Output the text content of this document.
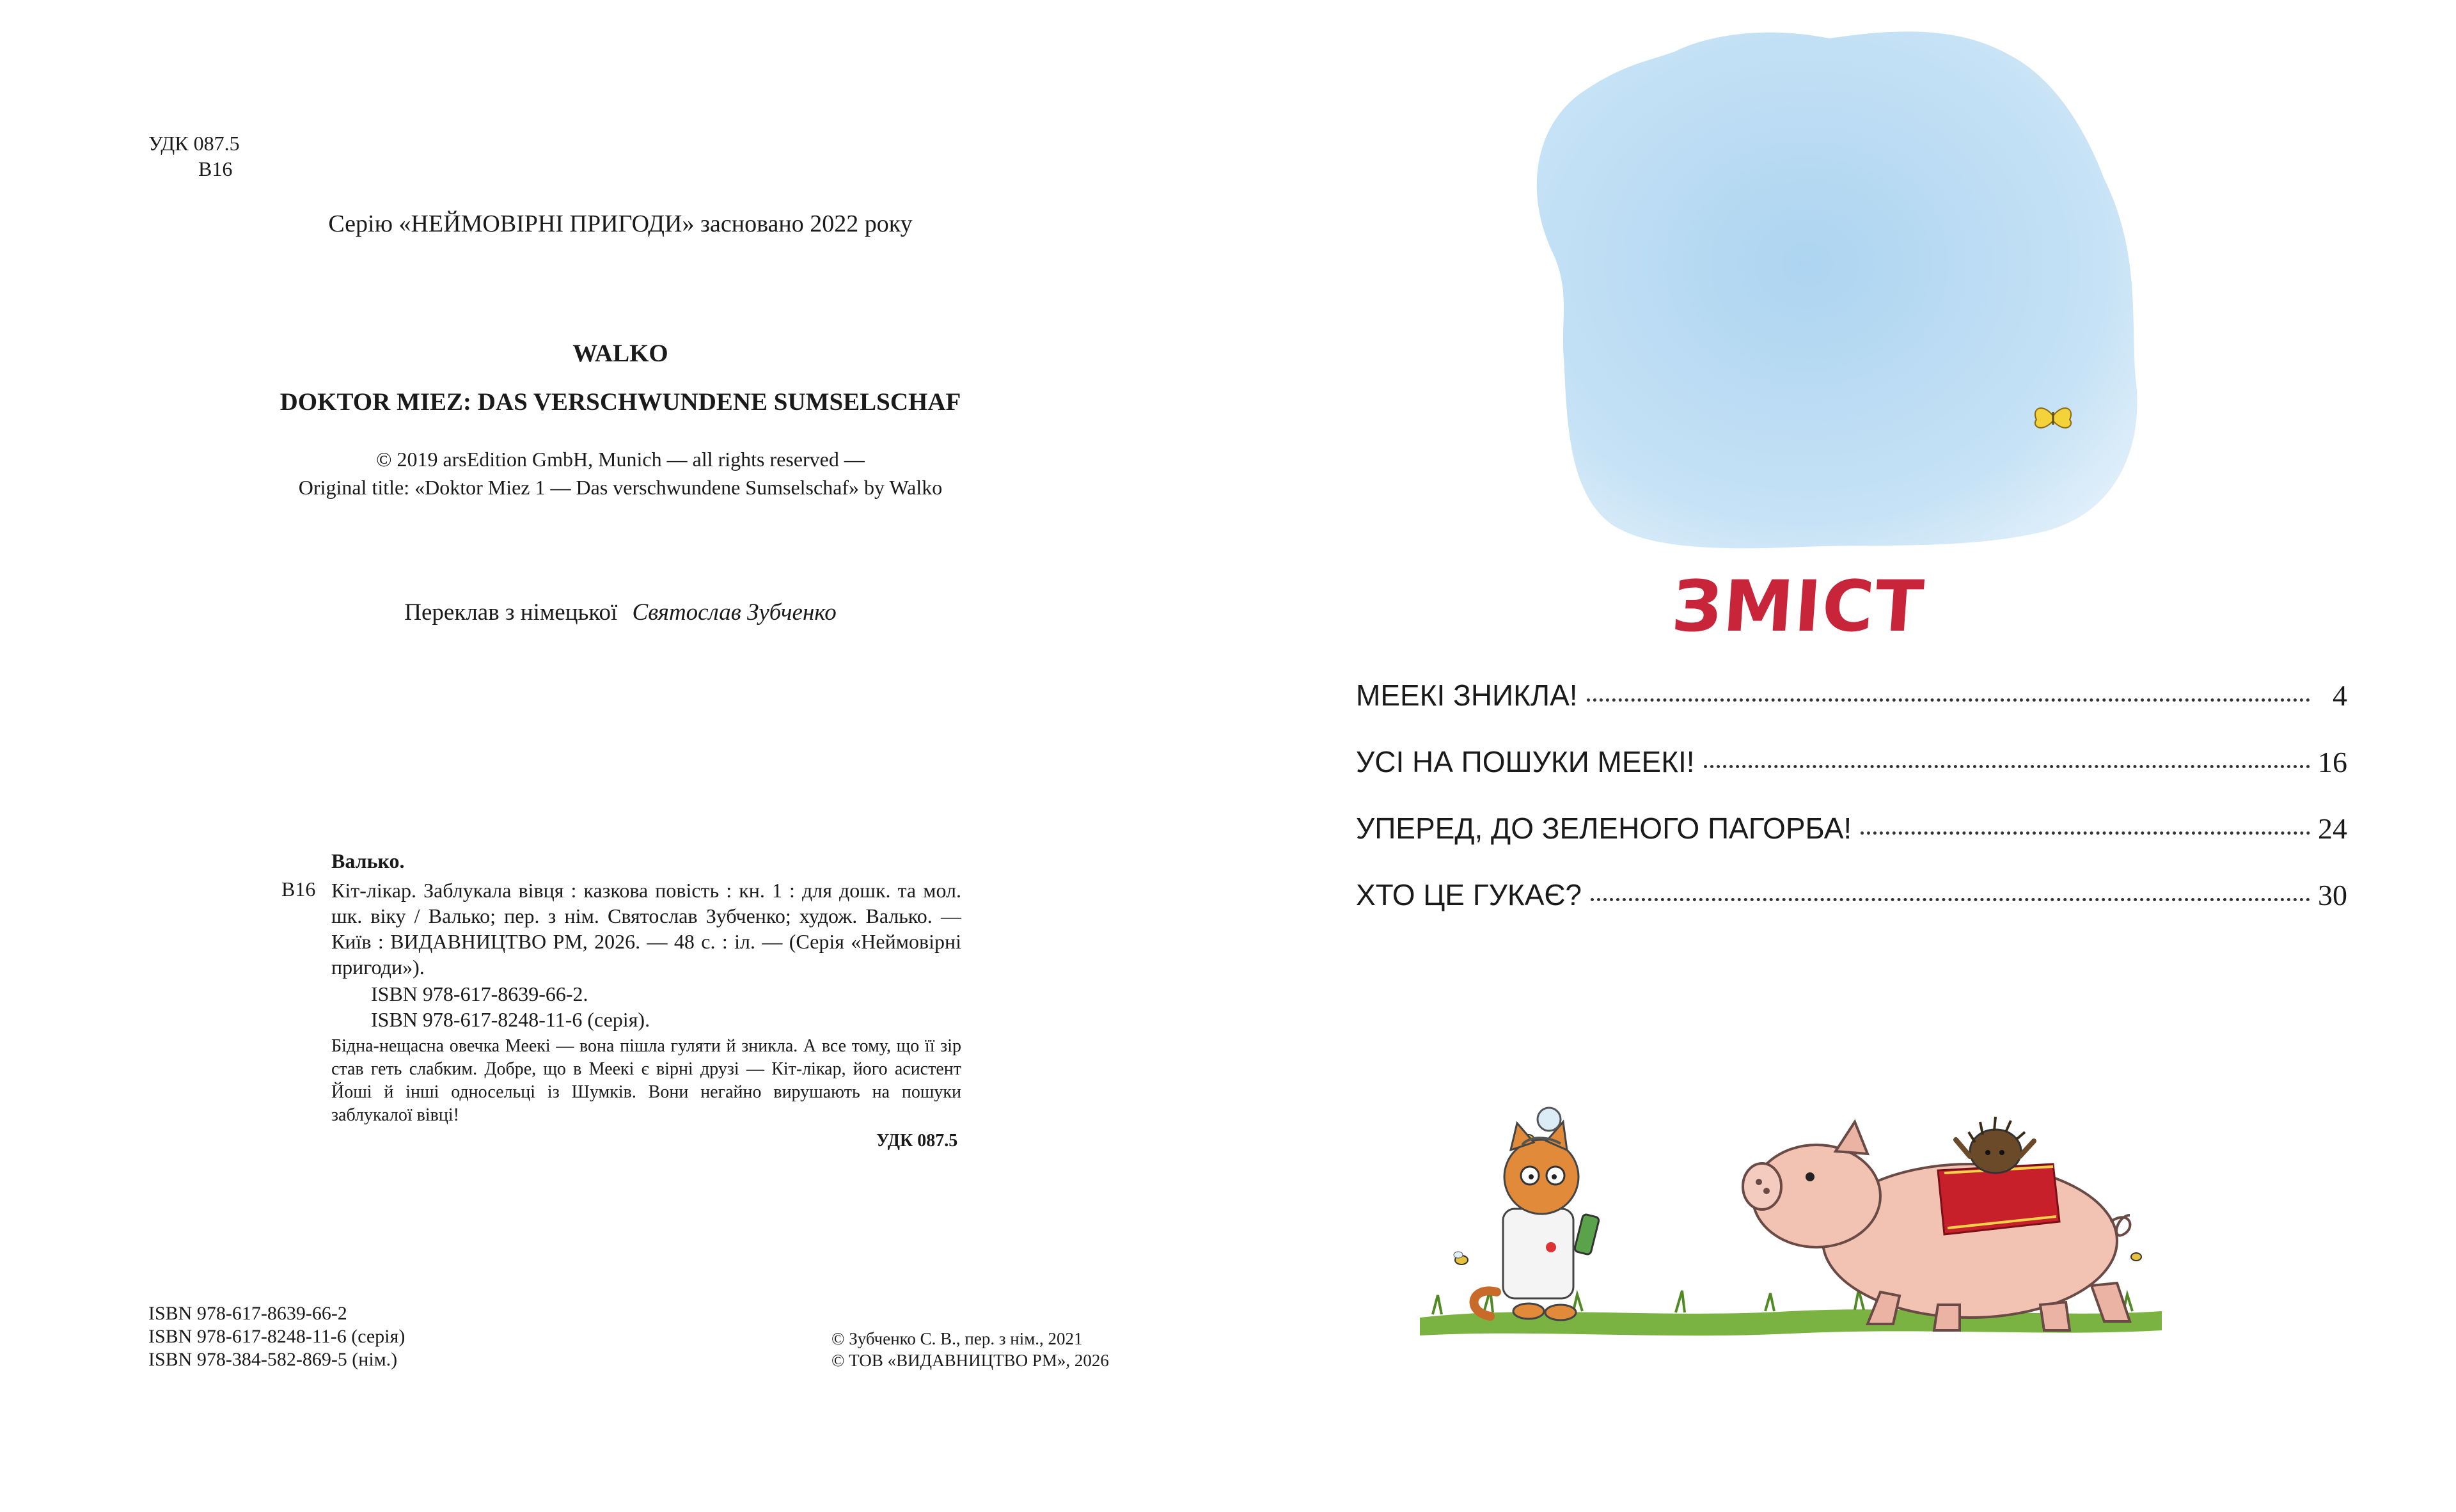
УДК 087.5
В16
Серію «НЕЙМОВІРНІ ПРИГОДИ» засновано 2022 року
WALKO
DOKTOR MIEZ: DAS VERSCHWUNDENE SUMSELSCHAF
© 2019 arsEdition GmbH, Munich — all rights reserved —
Original title: «Doktor Miez 1 — Das verschwundene Sumselschaf» by Walko
Переклав з німецької Святослав Зубченко
Валько.
В16 Кіт-лікар. Заблукала вівця : казкова повість : кн. 1 : для дошк. та мол. шк. віку / Валько; пер. з нім. Святослав Зубченко; худож. Валько. — Київ : ВИДАВНИЦТВО РМ, 2026. — 48 с. : іл. — (Серія «Неймовірні пригоди»).
ISBN 978-617-8639-66-2.
ISBN 978-617-8248-11-6 (серія).
Бідна-нещасна овечка Меекі — вона пішла гуляти й зникла. А все тому, що її зір став геть слабким. Добре, що в Меекі є вірні друзі — Кіт-лікар, його асистент Йоші й інші односельці із Шумків. Вони негайно вирушають на пошуки заблукалої вівці!
УДК 087.5
ISBN 978-617-8639-66-2
ISBN 978-617-8248-11-6 (серія)
ISBN 978-384-582-869-5 (нім.)
© Зубченко С. В., пер. з нім., 2021
© ТОВ «ВИДАВНИЦТВО РМ», 2026
ЗМІСТ
МЕЕКІ ЗНИКЛА!	4
УСІ НА ПОШУКИ МЕЕКІ!	16
УПЕРЕД, ДО ЗЕЛЕНОГО ПАГОРБА!	24
ХТО ЦЕ ГУКАЄ?	30
